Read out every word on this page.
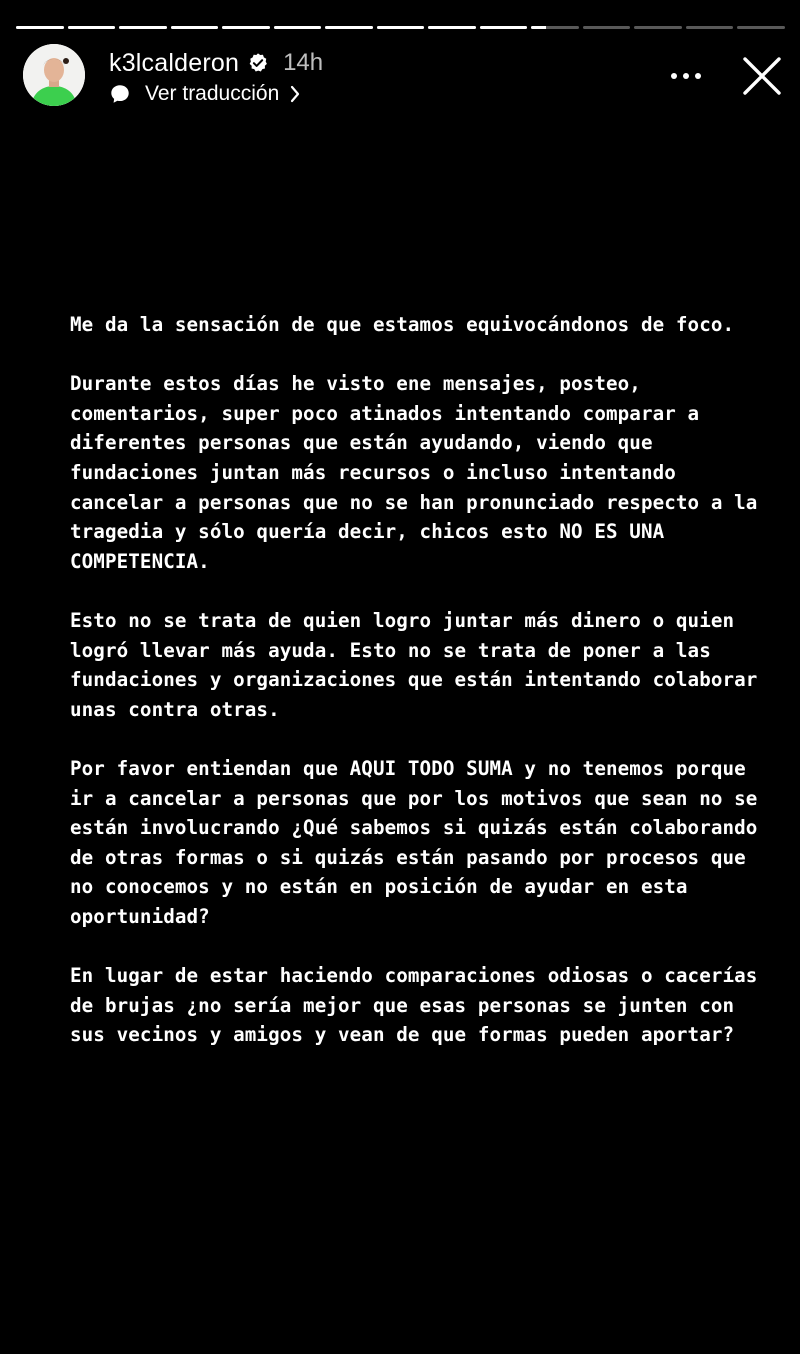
k3lcalderon 14h
Ver traducción

Me da la sensación de que estamos equivocándonos de foco.

Durante estos días he visto ene mensajes, posteo, comentarios, super poco atinados intentando comparar a diferentes personas que están ayudando, viendo que fundaciones juntan más recursos o incluso intentando cancelar a personas que no se han pronunciado respecto a la tragedia y sólo quería decir, chicos esto NO ES UNA COMPETENCIA.

Esto no se trata de quien logro juntar más dinero o quien logró llevar más ayuda. Esto no se trata de poner a las fundaciones y organizaciones que están intentando colaborar unas contra otras.

Por favor entiendan que AQUI TODO SUMA y no tenemos porque ir a cancelar a personas que por los motivos que sean no se están involucrando ¿Qué sabemos si quizás están colaborando de otras formas o si quizás están pasando por procesos que no conocemos y no están en posición de ayudar en esta oportunidad?

En lugar de estar haciendo comparaciones odiosas o cacerías de brujas ¿no sería mejor que esas personas se junten con sus vecinos y amigos y vean de que formas pueden aportar?
